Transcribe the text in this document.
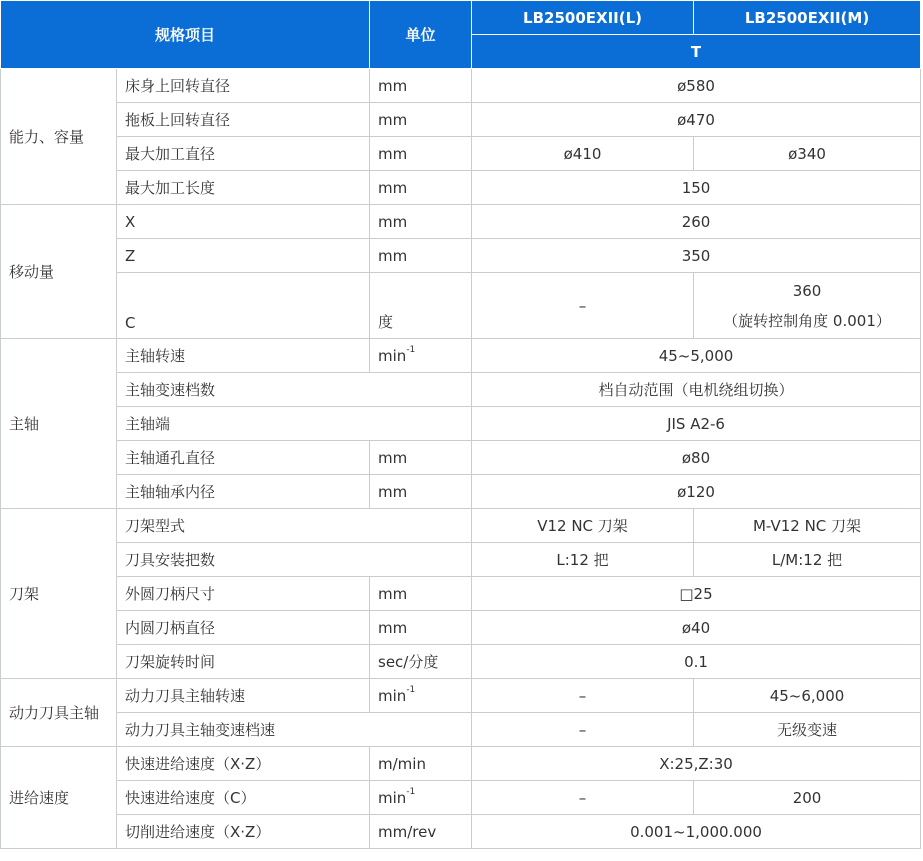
规格项目		单位	LB2500EXII(L)	LB2500EXII(M)
			T	
能力、容量	床身上回转直径	mm	ø580	
	拖板上回转直径	mm	ø470	
	最大加工直径	mm	ø410	ø340
	最大加工长度	mm	150	
移动量	X	mm	260	
	Z	mm	350	
	C	度	–	360
（旋转控制角度 0.001）

主轴	主轴转速	$\min^{-1}$	45~5,000	
	主轴变速档数		档自动范围（电机绕组切换）	
	主轴端		JIS A2-6	
	主轴通孔直径	mm	ø80	
	主轴轴承内径	mm	ø120	
刀架	刀架型式		V12 NC 刀架	M-V12 NC 刀架
	刀具安装把数		L:12 把	L/M:12 把
	外圆刀柄尺寸	mm	□25	
	内圆刀柄直径	mm	ø40	
	刀架旋转时间	sec/分度	0.1	
动力刀具主轴	动力刀具主轴转速	$\min^{-1}$	–	45~6,000
	动力刀具主轴变速档速		–	无级变速
进给速度	快速进给速度（X·Z）	m/min	X:25,Z:30	
	快速进给速度（C）	$\min^{-1}$	–	200
	切削进给速度（X·Z）	mm/rev	0.001~1,000.000	
